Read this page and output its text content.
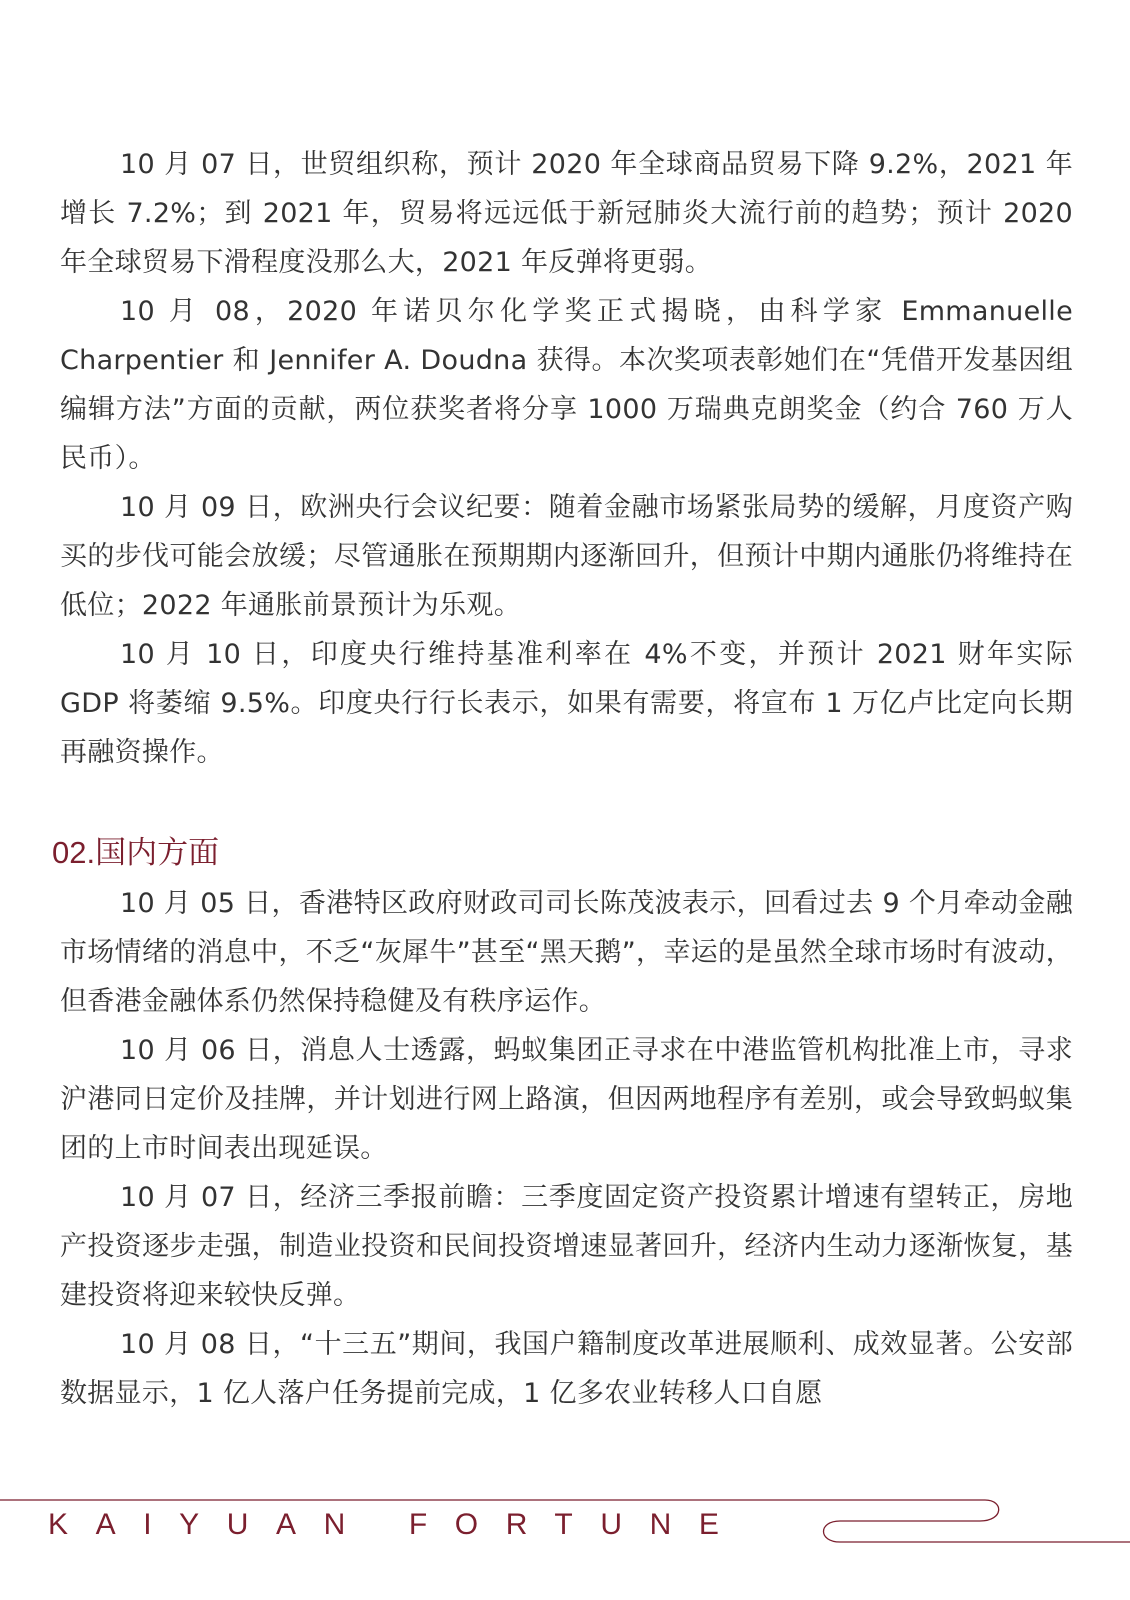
10 月 07 日，世贸组织称，预计 2020 年全球商品贸易下降 9.2%，2021 年增长 7.2%；到 2021 年，贸易将远远低于新冠肺炎大流行前的趋势；预计 2020 年全球贸易下滑程度没那么大，2021 年反弹将更弱。

10 月 08，2020 年诺贝尔化学奖正式揭晓，由科学家 Emmanuelle Charpentier 和 Jennifer A. Doudna 获得。本次奖项表彰她们在“凭借开发基因组编辑方法”方面的贡献，两位获奖者将分享 1000 万瑞典克朗奖金（约合 760 万人民币）。

10 月 09 日，欧洲央行会议纪要：随着金融市场紧张局势的缓解，月度资产购买的步伐可能会放缓；尽管通胀在预期期内逐渐回升，但预计中期内通胀仍将维持在低位；2022 年通胀前景预计为乐观。

10 月 10 日，印度央行维持基准利率在 4%不变，并预计 2021 财年实际 GDP 将萎缩 9.5%。印度央行行长表示，如果有需要，将宣布 1 万亿卢比定向长期再融资操作。

02.国内方面

10 月 05 日，香港特区政府财政司司长陈茂波表示，回看过去 9 个月牵动金融市场情绪的消息中，不乏“灰犀牛”甚至“黑天鹅”，幸运的是虽然全球市场时有波动，但香港金融体系仍然保持稳健及有秩序运作。

10 月 06 日，消息人士透露，蚂蚁集团正寻求在中港监管机构批准上市，寻求沪港同日定价及挂牌，并计划进行网上路演，但因两地程序有差别，或会导致蚂蚁集团的上市时间表出现延误。

10 月 07 日，经济三季报前瞻：三季度固定资产投资累计增速有望转正，房地产投资逐步走强，制造业投资和民间投资增速显著回升，经济内生动力逐渐恢复，基建投资将迎来较快反弹。

10 月 08 日，“十三五”期间，我国户籍制度改革进展顺利、成效显著。公安部数据显示，1 亿人落户任务提前完成，1 亿多农业转移人口自愿

KAIYUAN FORTUNE
